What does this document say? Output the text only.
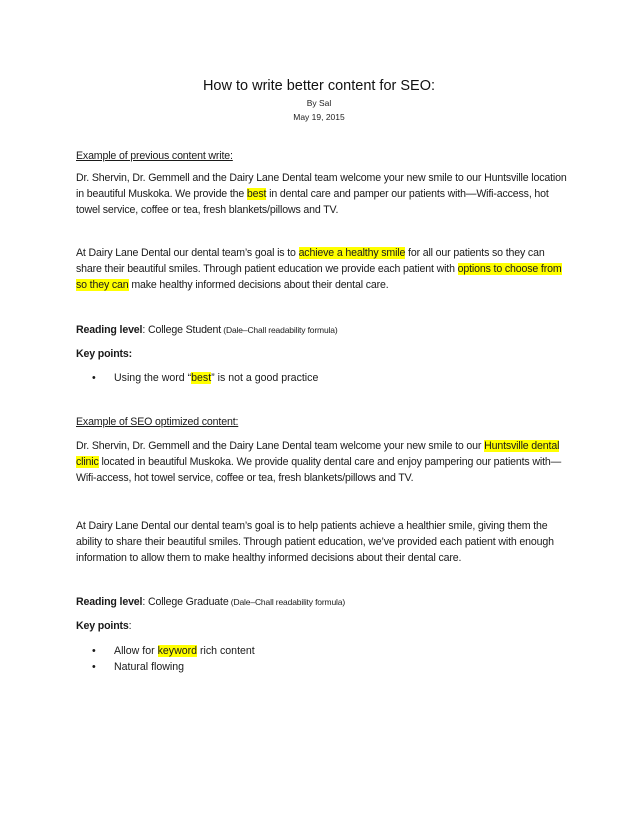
How to write better content for SEO:
By Sal
May 19, 2015
Example of previous content write:
Dr. Shervin, Dr. Gemmell and the Dairy Lane Dental team welcome your new smile to our Huntsville location in beautiful Muskoka. We provide the best in dental care and pamper our patients with—Wifi-access, hot towel service, coffee or tea, fresh blankets/pillows and TV.
At Dairy Lane Dental our dental team’s goal is to achieve a healthy smile for all our patients so they can share their beautiful smiles. Through patient education we provide each patient with options to choose from so they can make healthy informed decisions about their dental care.
Reading level: College Student (Dale–Chall readability formula)
Key points:
• Using the word “best” is not a good practice
Example of SEO optimized content:
Dr. Shervin, Dr. Gemmell and the Dairy Lane Dental team welcome your new smile to our Huntsville dental clinic located in beautiful Muskoka. We provide quality dental care and enjoy pampering our patients with—Wifi-access, hot towel service, coffee or tea, fresh blankets/pillows and TV.
At Dairy Lane Dental our dental team’s goal is to help patients achieve a healthier smile, giving them the ability to share their beautiful smiles. Through patient education, we’ve provided each patient with enough information to allow them to make healthy informed decisions about their dental care.
Reading level: College Graduate (Dale–Chall readability formula)
Key points:
• Allow for keyword rich content
• Natural flowing
